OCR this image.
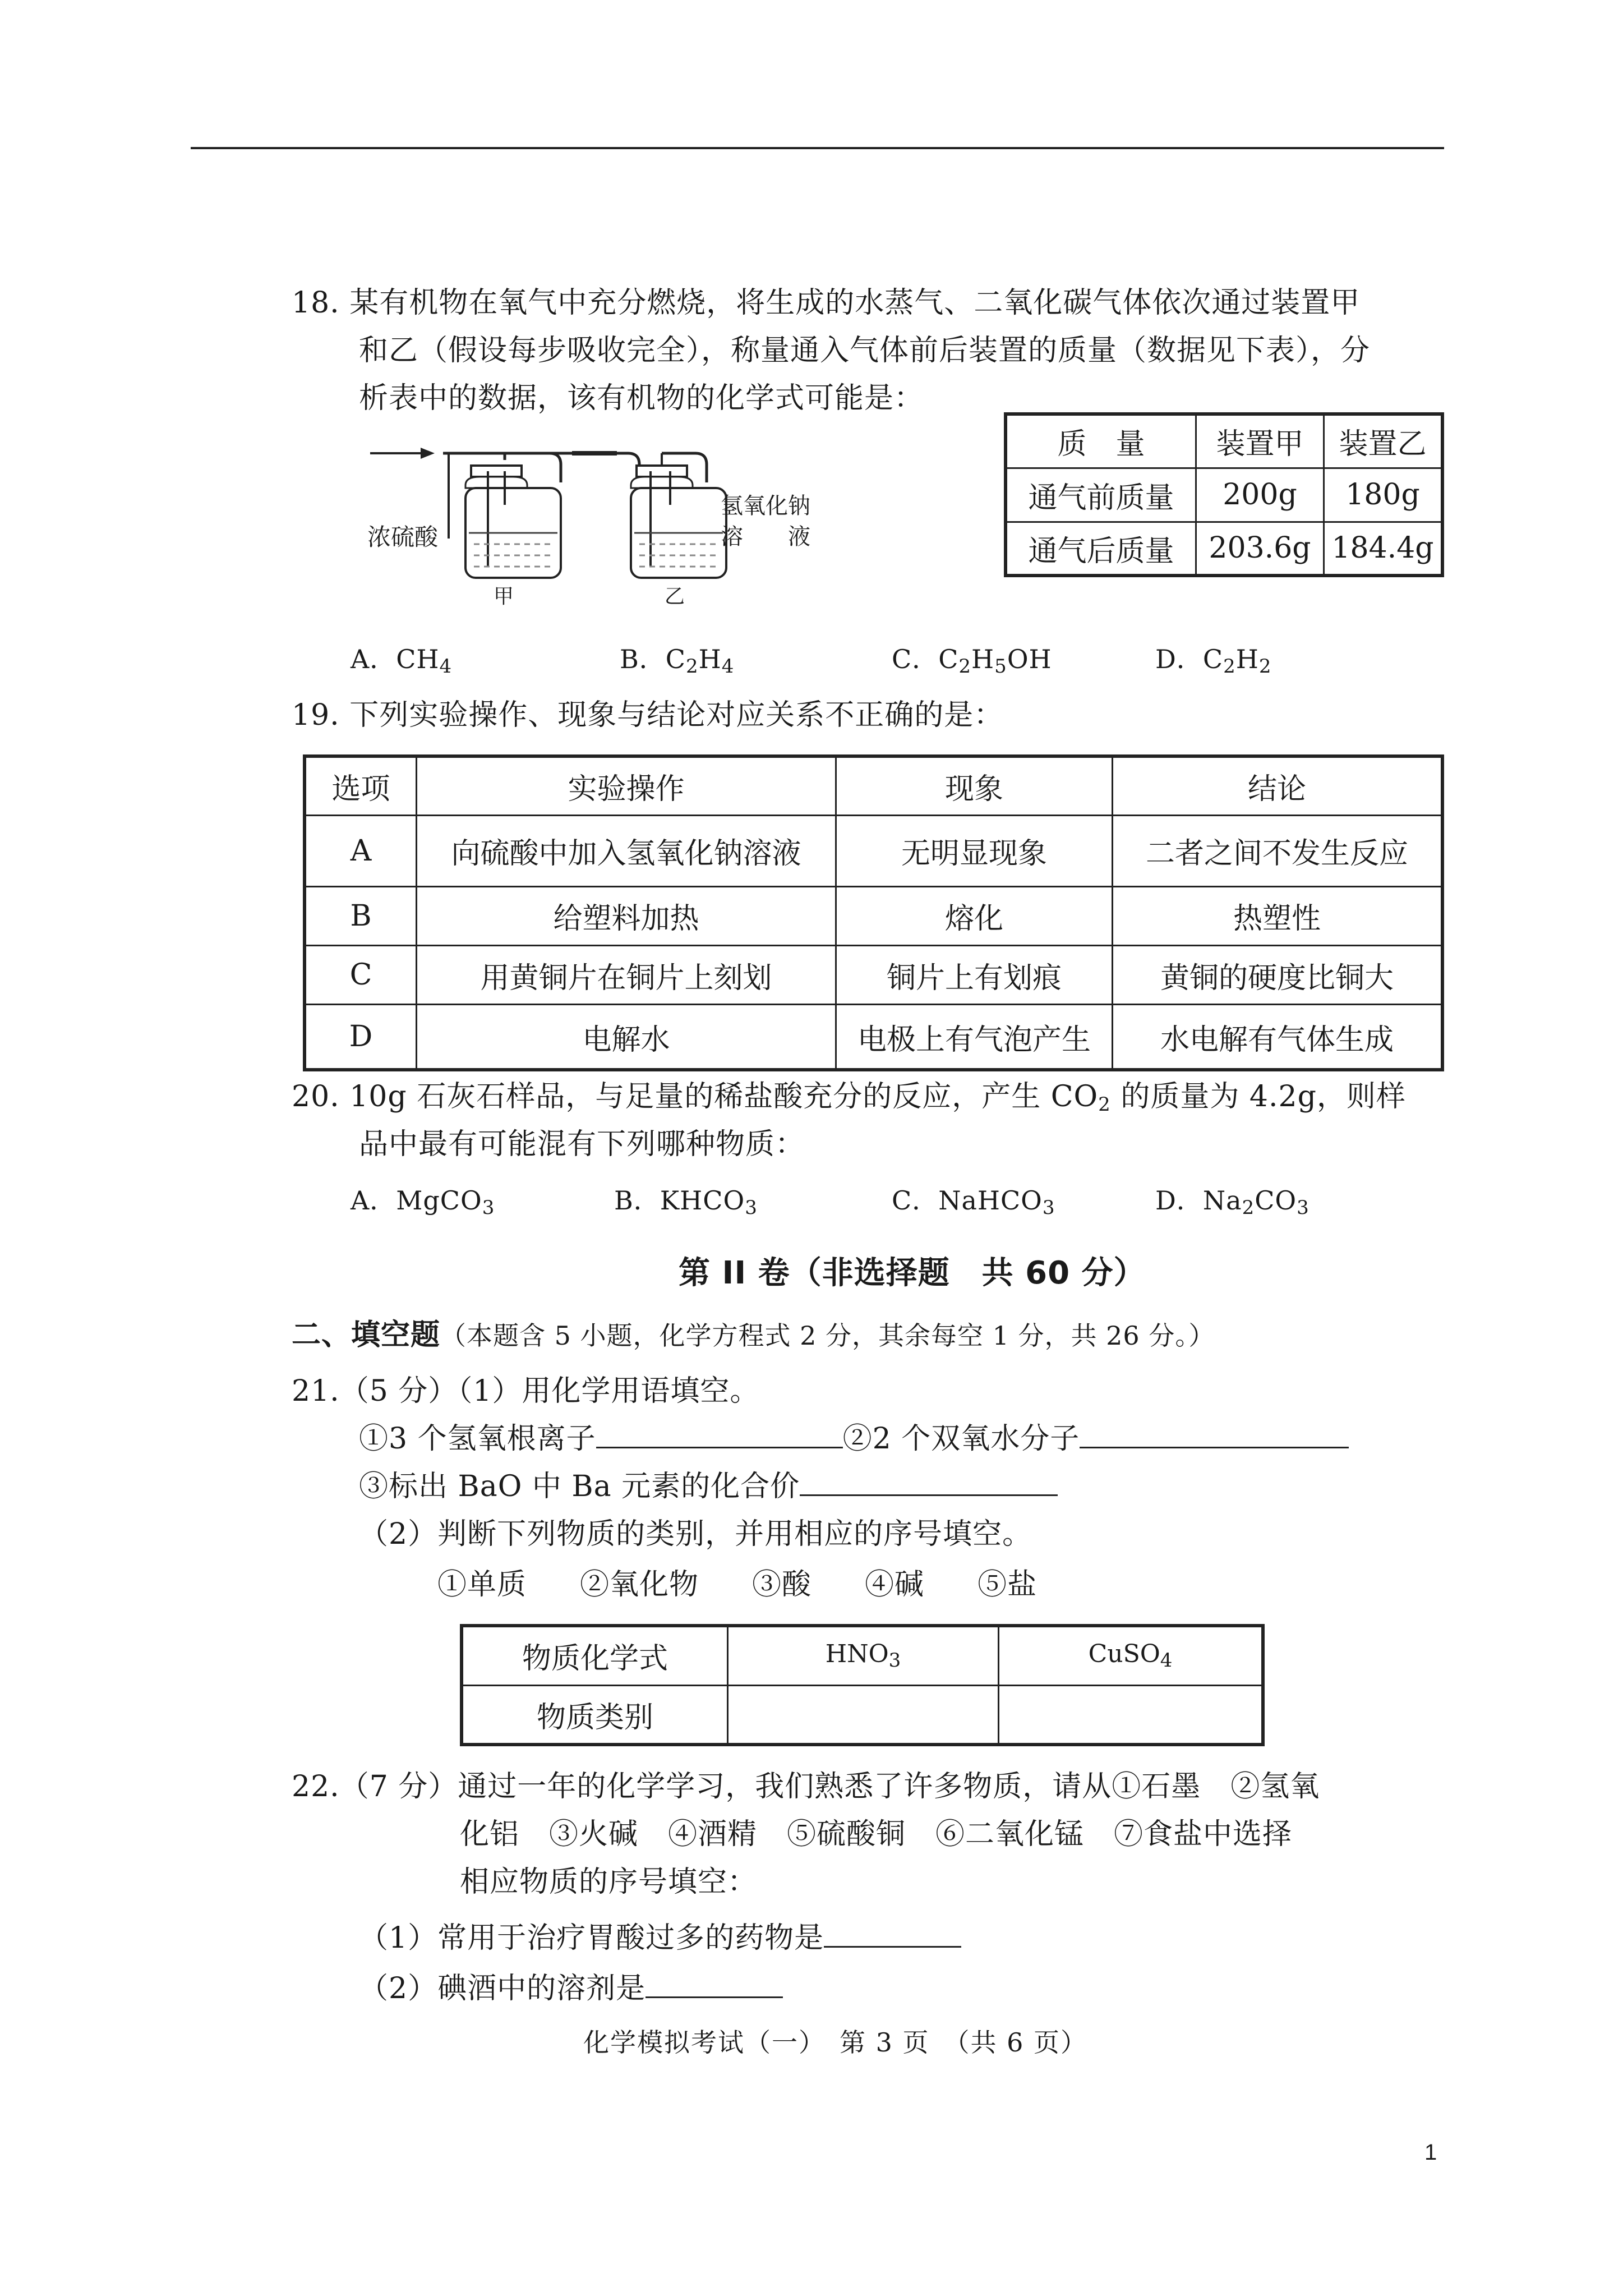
18. 某有机物在氧气中充分燃烧，将生成的水蒸气、二氧化碳气体依次通过装置甲
和乙（假设每步吸收完全），称量通入气体前后装置的质量（数据见下表），分
析表中的数据，该有机物的化学式可能是：
浓硫酸
氢氧化钠
溶　　液
甲	乙
质　量	装置甲	装置乙
通气前质量	200g	180g
通气后质量	203.6g	184.4g
A．$CH_4$	B．$C_2H_4$	C．$C_2H_5OH$	D．$C_2H_2$
19. 下列实验操作、现象与结论对应关系不正确的是：
选项	实验操作	现象	结论
A	向硫酸中加入氢氧化钠溶液	无明显现象	二者之间不发生反应
B	给塑料加热	熔化	热塑性
C	用黄铜片在铜片上刻划	铜片上有划痕	黄铜的硬度比铜大
D	电解水	电极上有气泡产生	水电解有气体生成
20. 10g 石灰石样品，与足量的稀盐酸充分的反应，产生 $CO_2$ 的质量为 4.2g，则样
品中最有可能混有下列哪种物质：
A．MgCO$_3$	B．$KHCO_3$	C．NaHCO$_3$	D．$Na_2CO_3$
第 II 卷（非选择题　共 60 分）
二、填空题（本题含 5 小题，化学方程式 2 分，其余每空 1 分，共 26 分。）
21.（5 分）（1）用化学用语填空。
①3 个氢氧根离子	②2 个双氧水分子
③标出 BaO 中 Ba 元素的化合价
（2）判断下列物质的类别，并用相应的序号填空。
①单质 ②氧化物 ③酸 ④碱 ⑤盐
物质化学式	$HNO_3$	CuSO$_4$
物质类别		
22.（7 分）通过一年的化学学习，我们熟悉了许多物质，请从①石墨　②氢氧
化铝　③火碱　④酒精　⑤硫酸铜　⑥二氧化锰　⑦食盐中选择
相应物质的序号填空：
（1）常用于治疗胃酸过多的药物是
（2）碘酒中的溶剂是
化学模拟考试（一）　第 3 页　（共 6 页）
1
